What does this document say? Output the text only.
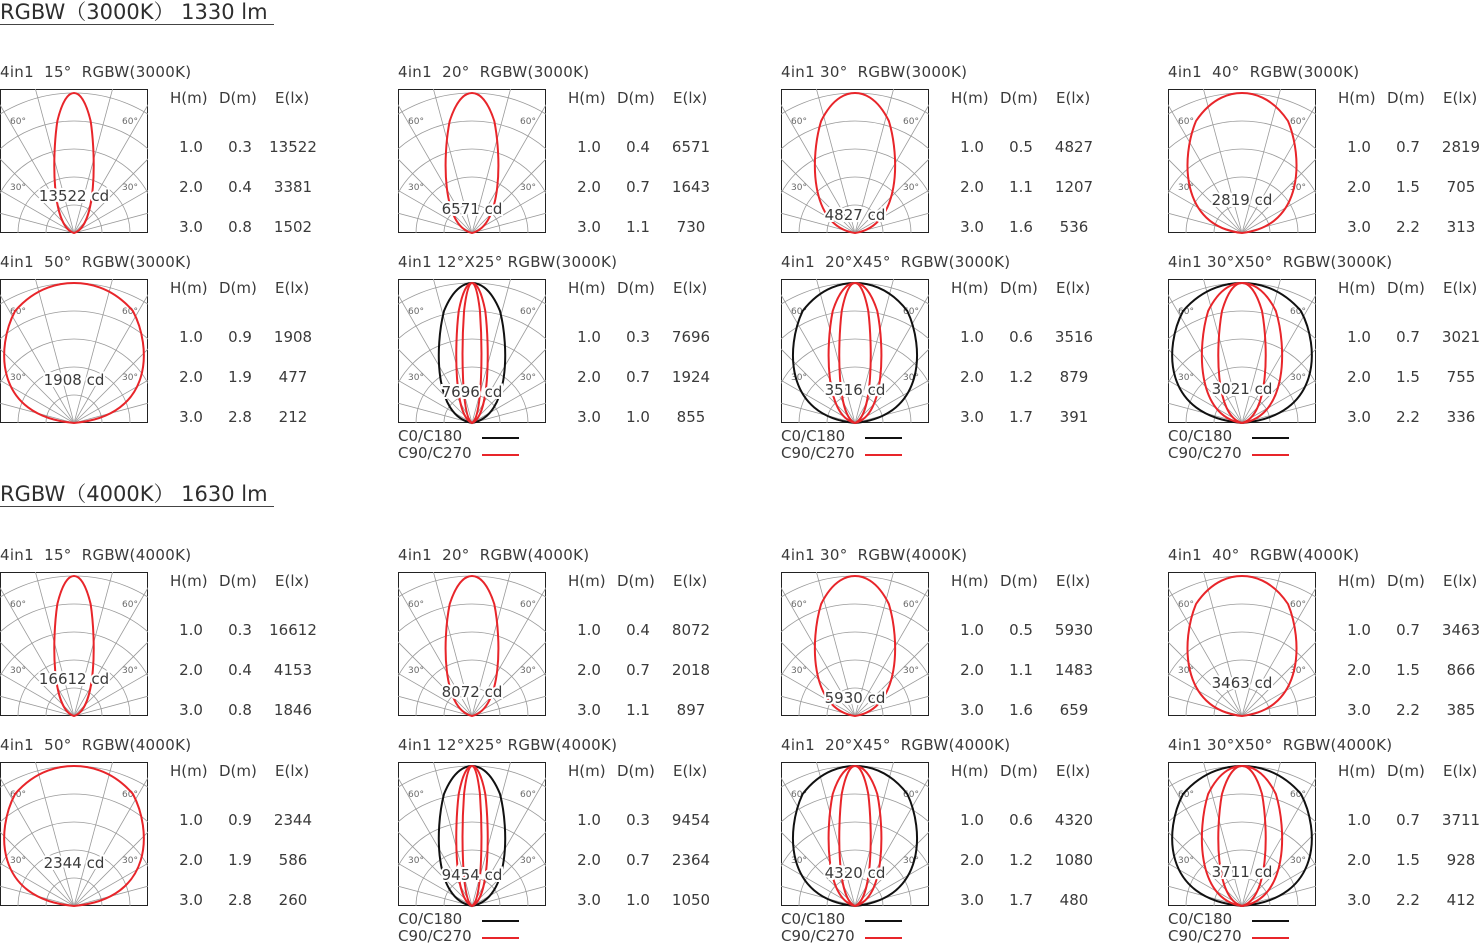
RGBW（3000K） 1330 lm
4in1  15°  RGBW(3000K)
60°	60°
30°	30°
13522 cd
H(m) D(m) E(lx)
1.0	0.3	13522
2.0	0.4	3381
3.0	0.8	1502
4in1  20°  RGBW(3000K)
60°	60°
30°	30°
6571 cd
H(m) D(m) E(lx)
1.0	0.4	6571
2.0	0.7	1643
3.0	1.1	730
4in1 30°  RGBW(3000K)
60°	60°
30°	30°
4827 cd
H(m) D(m) E(lx)
1.0	0.5	4827
2.0	1.1	1207
3.0	1.6	536
4in1  40°  RGBW(3000K)
60°	60°
30°	30°
2819 cd
H(m) D(m) E(lx)
1.0	0.7	2819
2.0	1.5	705
3.0	2.2	313
4in1  50°  RGBW(3000K)
60°	60°
30°	30°
1908 cd
H(m) D(m) E(lx)
1.0	0.9	1908
2.0	1.9	477
3.0	2.8	212
4in1 12°X25° RGBW(3000K)
60°	60°
30°	30°
7696 cd
H(m) D(m) E(lx)
1.0	0.3	7696
2.0	0.7	1924
3.0	1.0	855
C0/C180
C90/C270
4in1  20°X45°  RGBW(3000K)
60°	60°
30°	30°
3516 cd
H(m) D(m) E(lx)
1.0	0.6	3516
2.0	1.2	879
3.0	1.7	391
C0/C180
C90/C270
4in1 30°X50°  RGBW(3000K)
60°	60°
30°	30°
3021 cd
H(m) D(m) E(lx)
1.0	0.7	3021
2.0	1.5	755
3.0	2.2	336
C0/C180
C90/C270
RGBW（4000K） 1630 lm
4in1  15°  RGBW(4000K)
60°	60°
30°	30°
16612 cd
H(m) D(m) E(lx)
1.0	0.3	16612
2.0	0.4	4153
3.0	0.8	1846
4in1  20°  RGBW(4000K)
60°	60°
30°	30°
8072 cd
H(m) D(m) E(lx)
1.0	0.4	8072
2.0	0.7	2018
3.0	1.1	897
4in1 30°  RGBW(4000K)
60°	60°
30°	30°
5930 cd
H(m) D(m) E(lx)
1.0	0.5	5930
2.0	1.1	1483
3.0	1.6	659
4in1  40°  RGBW(4000K)
60°	60°
30°	30°
3463 cd
H(m) D(m) E(lx)
1.0	0.7	3463
2.0	1.5	866
3.0	2.2	385
4in1  50°  RGBW(4000K)
60°	60°
30°	30°
2344 cd
H(m) D(m) E(lx)
1.0	0.9	2344
2.0	1.9	586
3.0	2.8	260
4in1 12°X25° RGBW(4000K)
60°	60°
30°	30°
9454 cd
H(m) D(m) E(lx)
1.0	0.3	9454
2.0	0.7	2364
3.0	1.0	1050
C0/C180
C90/C270
4in1  20°X45°  RGBW(4000K)
60°	60°
30°	30°
4320 cd
H(m) D(m) E(lx)
1.0	0.6	4320
2.0	1.2	1080
3.0	1.7	480
C0/C180
C90/C270
4in1 30°X50°  RGBW(4000K)
60°	60°
30°	30°
3711 cd
H(m) D(m) E(lx)
1.0	0.7	3711
2.0	1.5	928
3.0	2.2	412
C0/C180
C90/C270
